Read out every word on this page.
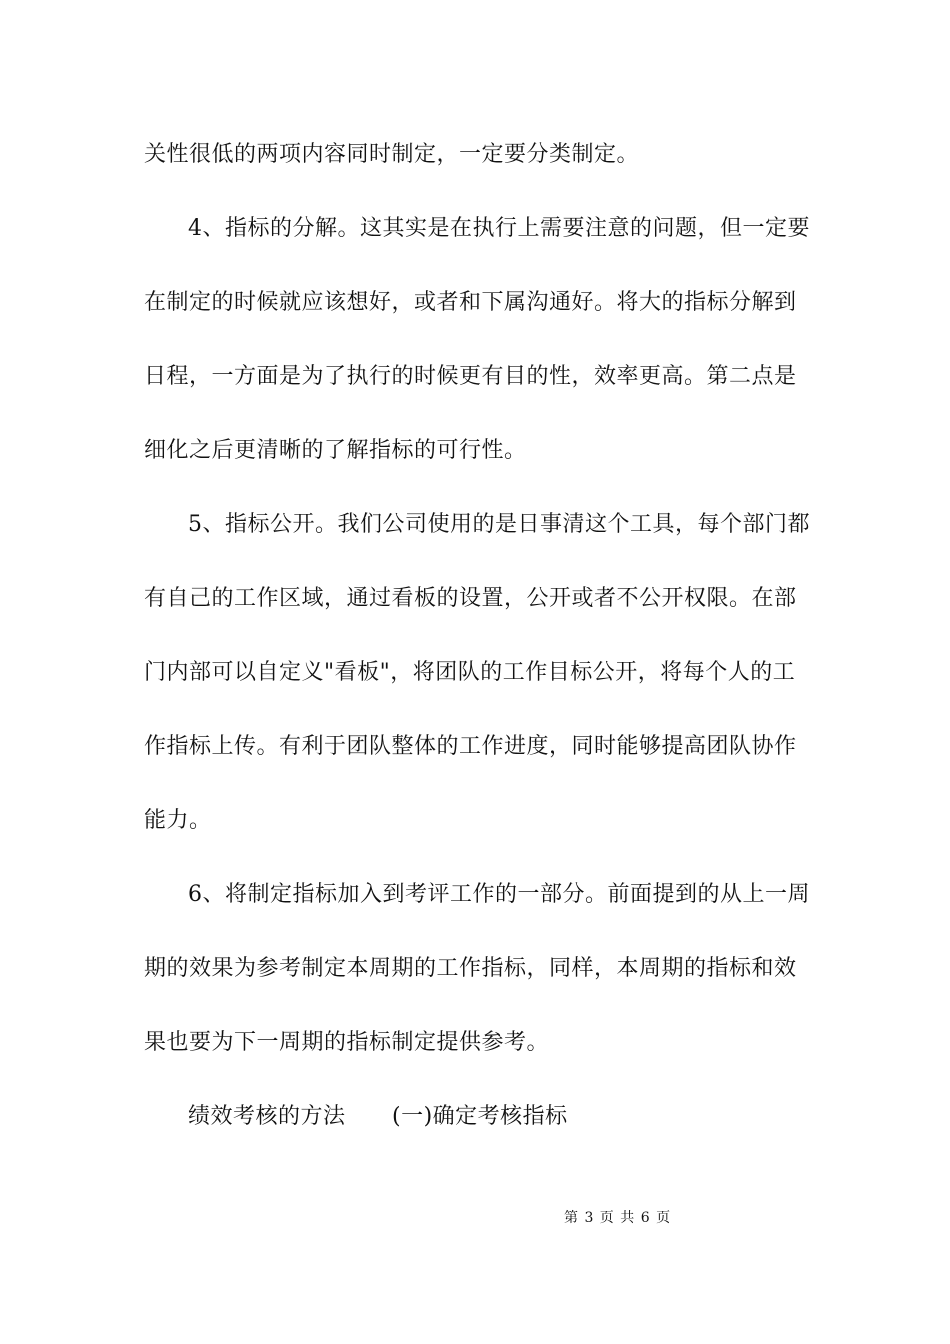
关性很低的两项内容同时制定，一定要分类制定。
4、指标的分解。这其实是在执行上需要注意的问题，但一定要
在制定的时候就应该想好，或者和下属沟通好。将大的指标分解到
日程，一方面是为了执行的时候更有目的性，效率更高。第二点是
细化之后更清晰的了解指标的可行性。
5、指标公开。我们公司使用的是日事清这个工具，每个部门都
有自己的工作区域，通过看板的设置，公开或者不公开权限。在部
门内部可以自定义"看板"，将团队的工作目标公开，将每个人的工
作指标上传。有利于团队整体的工作进度，同时能够提高团队协作
能力。
6、将制定指标加入到考评工作的一部分。前面提到的从上一周
期的效果为参考制定本周期的工作指标，同样，本周期的指标和效
果也要为下一周期的指标制定提供参考。
绩效考核的方法 (一)确定考核指标
第 3 页 共 6 页
